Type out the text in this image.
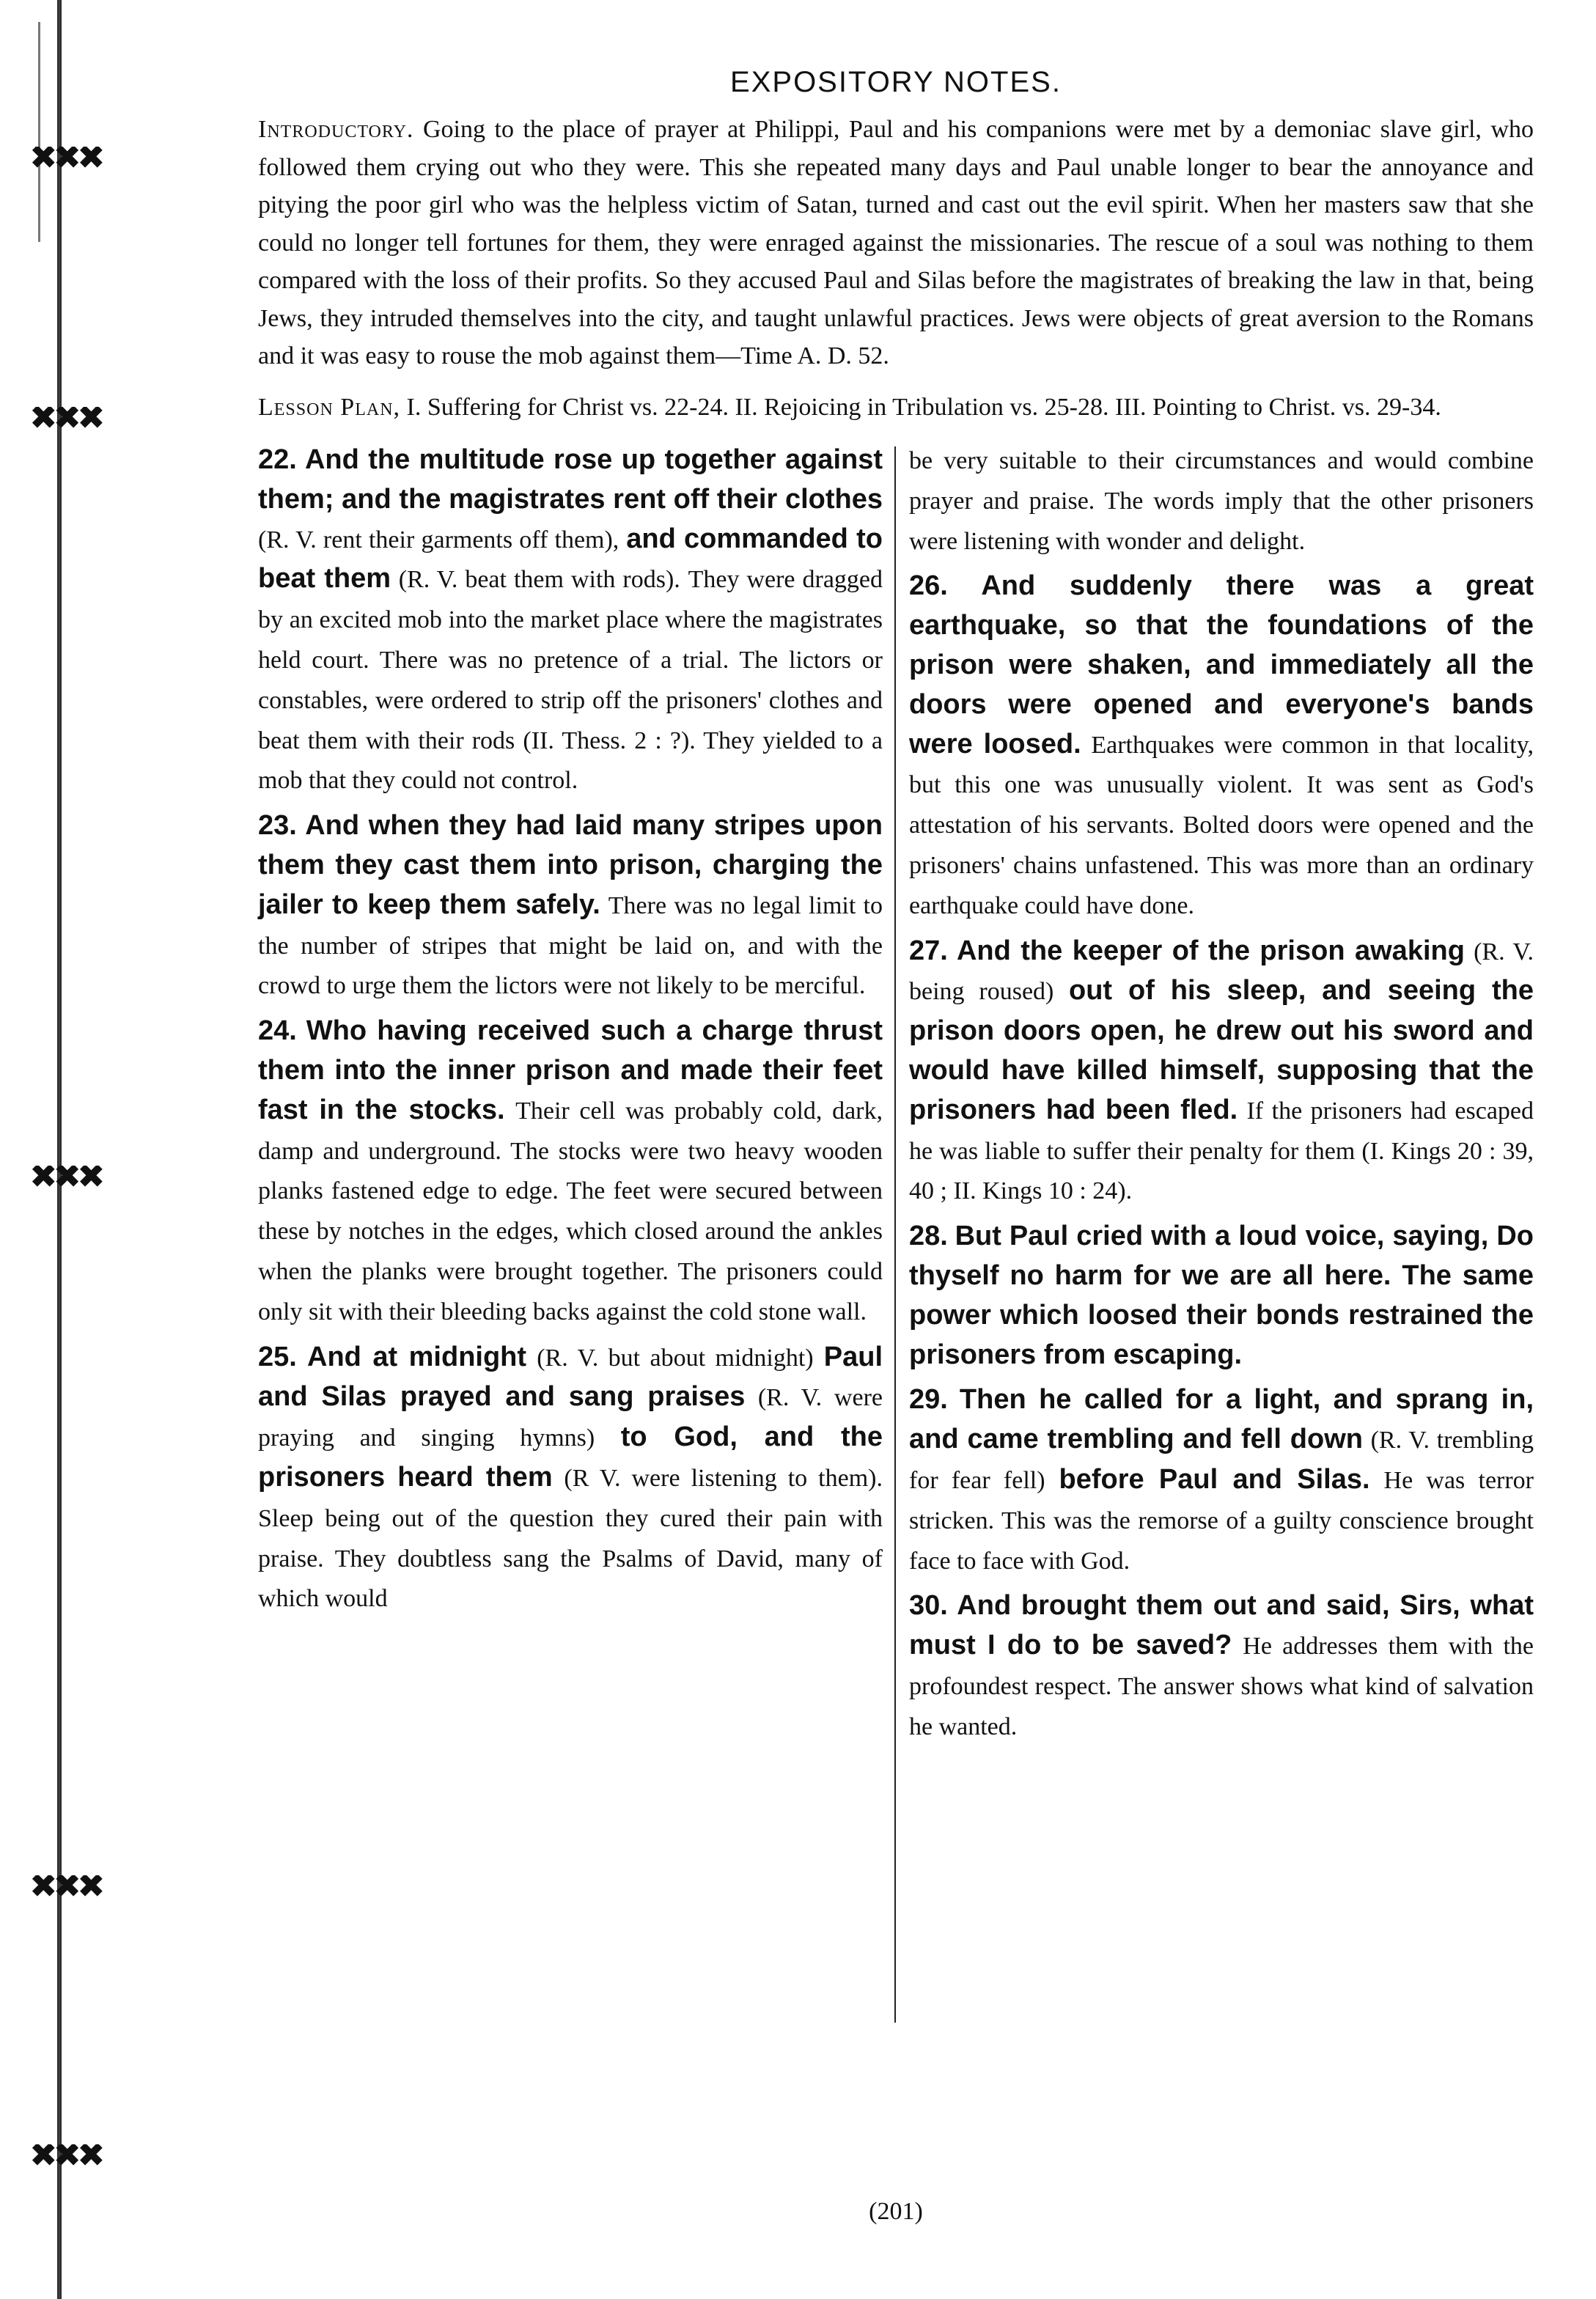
✖✖✖
✖✖✖
✖✖✖
✖✖✖
✖✖✖
EXPOSITORY NOTES.

Introductory. Going to the place of prayer at Philippi, Paul and his companions were met by a demoniac slave girl, who followed them crying out who they were. This she repeated many days and Paul unable longer to bear the annoyance and pitying the poor girl who was the helpless victim of Satan, turned and cast out the evil spirit. When her masters saw that she could no longer tell fortunes for them, they were enraged against the missionaries. The rescue of a soul was nothing to them compared with the loss of their profits. So they accused Paul and Silas before the magistrates of breaking the law in that, being Jews, they intruded themselves into the city, and taught unlawful practices. Jews were objects of great aversion to the Romans and it was easy to rouse the mob against them—Time A. D. 52.

Lesson Plan, I. Suffering for Christ vs. 22-24. II. Rejoicing in Tribulation vs. 25-28. III. Pointing to Christ. vs. 29-34.

22. And the multitude rose up together against them; and the magistrates rent off their clothes (R. V. rent their garments off them), and commanded to beat them (R. V. beat them with rods). They were dragged by an excited mob into the market place where the magistrates held court. There was no pretence of a trial. The lictors or constables, were ordered to strip off the prisoners' clothes and beat them with their rods (II. Thess. 2 : ?). They yielded to a mob that they could not control.

23. And when they had laid many stripes upon them they cast them into prison, charging the jailer to keep them safely. There was no legal limit to the number of stripes that might be laid on, and with the crowd to urge them the lictors were not likely to be merciful.

24. Who having received such a charge thrust them into the inner prison and made their feet fast in the stocks. Their cell was probably cold, dark, damp and underground. The stocks were two heavy wooden planks fastened edge to edge. The feet were secured between these by notches in the edges, which closed around the ankles when the planks were brought together. The prisoners could only sit with their bleeding backs against the cold stone wall.

25. And at midnight (R. V. but about midnight) Paul and Silas prayed and sang praises (R. V. were praying and singing hymns) to God, and the prisoners heard them (R V. were listening to them). Sleep being out of the question they cured their pain with praise. They doubtless sang the Psalms of David, many of which would

be very suitable to their circumstances and would combine prayer and praise. The words imply that the other prisoners were listening with wonder and delight.

26. And suddenly there was a great earthquake, so that the foundations of the prison were shaken, and immediately all the doors were opened and everyone's bands were loosed. Earthquakes were common in that locality, but this one was unusually violent. It was sent as God's attestation of his servants. Bolted doors were opened and the prisoners' chains unfastened. This was more than an ordinary earthquake could have done.

27. And the keeper of the prison awaking (R. V. being roused) out of his sleep, and seeing the prison doors open, he drew out his sword and would have killed himself, supposing that the prisoners had been fled. If the prisoners had escaped he was liable to suffer their penalty for them (I. Kings 20 : 39, 40 ; II. Kings 10 : 24).

28. But Paul cried with a loud voice, saying, Do thyself no harm for we are all here. The same power which loosed their bonds restrained the prisoners from escaping.

29. Then he called for a light, and sprang in, and came trembling and fell down (R. V. trembling for fear fell) before Paul and Silas. He was terror stricken. This was the remorse of a guilty conscience brought face to face with God.

30. And brought them out and said, Sirs, what must I do to be saved? He addresses them with the profoundest respect. The answer shows what kind of salvation he wanted.

(201)
